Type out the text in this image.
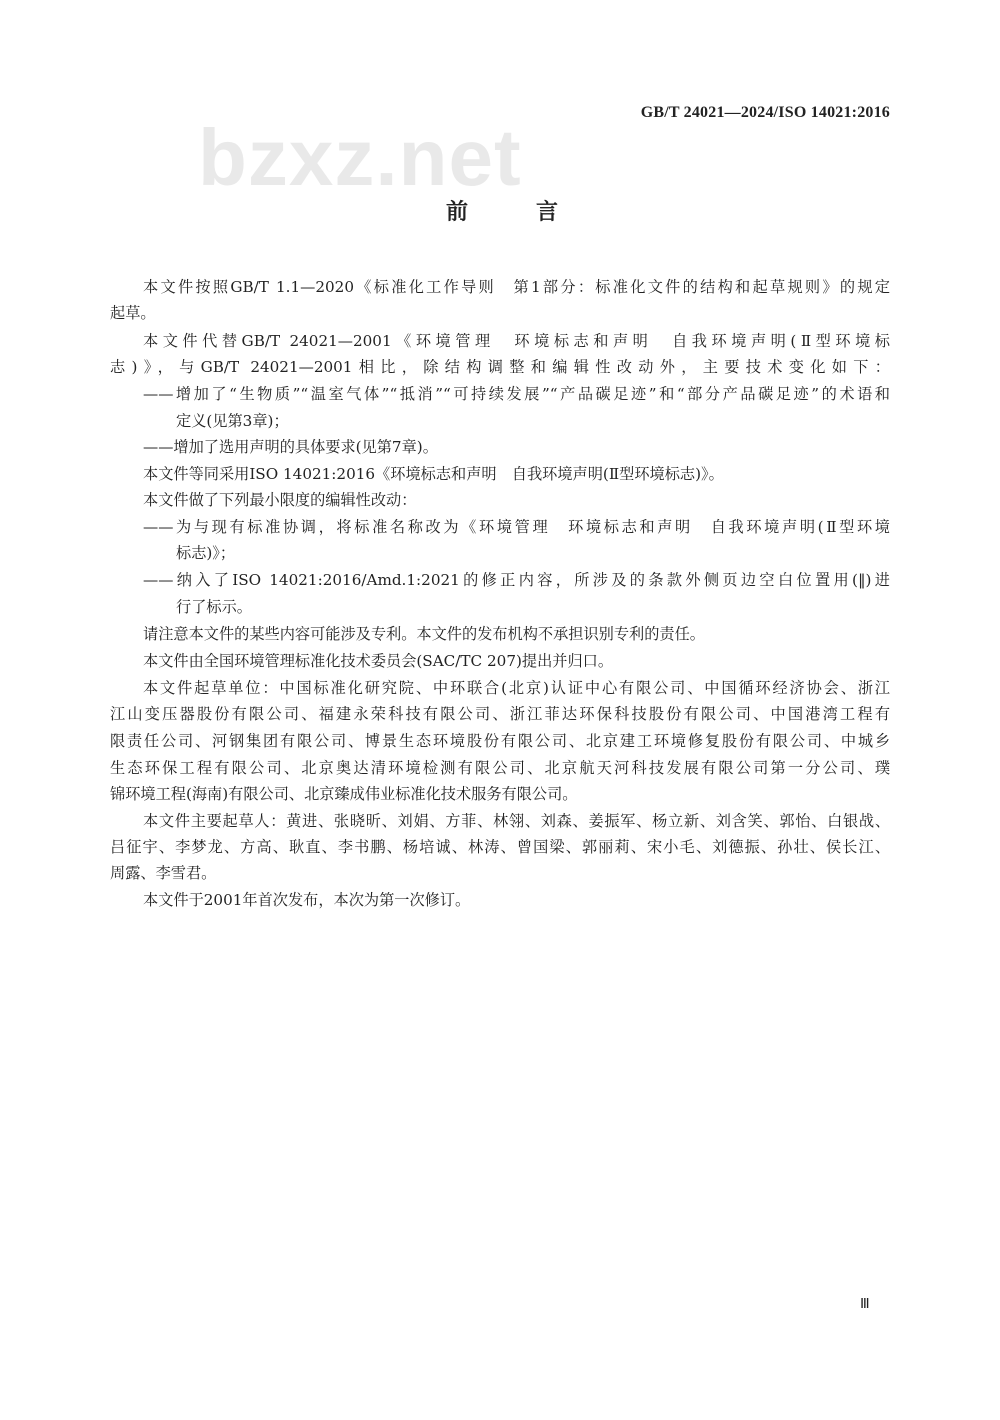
GB/T 24021—2024/ISO 14021:2016
bzxz.net
前言
本文件按照GB/T 1.1—2020《标准化工作导则　第1部分：标准化文件的结构和起草规则》的规定
起草。
本文件代替GB/T 24021—2001《环境管理　环境标志和声明　自我环境声明(Ⅱ型环境标
志)》，与GB/T 24021—2001相比，除结构调整和编辑性改动外，主要技术变化如下：
——增加了“生物质”“温室气体”“抵消”“可持续发展”“产品碳足迹”和“部分产品碳足迹”的术语和
定义(见第3章)；
——增加了选用声明的具体要求(见第7章)。
本文件等同采用ISO 14021:2016《环境标志和声明　自我环境声明(Ⅱ型环境标志)》。
本文件做了下列最小限度的编辑性改动：
——为与现有标准协调，将标准名称改为《环境管理　环境标志和声明　自我环境声明(Ⅱ型环境
标志)》；
——纳入了ISO 14021:2016/Amd.1:2021的修正内容，所涉及的条款外侧页边空白位置用(‖)进
行了标示。
请注意本文件的某些内容可能涉及专利。本文件的发布机构不承担识别专利的责任。
本文件由全国环境管理标准化技术委员会(SAC/TC 207)提出并归口。
本文件起草单位：中国标准化研究院、中环联合(北京)认证中心有限公司、中国循环经济协会、浙江
江山变压器股份有限公司、福建永荣科技有限公司、浙江菲达环保科技股份有限公司、中国港湾工程有
限责任公司、河钢集团有限公司、博景生态环境股份有限公司、北京建工环境修复股份有限公司、中城乡
生态环保工程有限公司、北京奥达清环境检测有限公司、北京航天河科技发展有限公司第一分公司、璞
锦环境工程(海南)有限公司、北京臻成伟业标准化技术服务有限公司。
本文件主要起草人：黄进、张晓昕、刘娟、方菲、林翎、刘森、姜振军、杨立新、刘含笑、郭怡、白银战、
吕征宇、李梦龙、方高、耿直、李书鹏、杨培诚、林涛、曾国梁、郭丽莉、宋小毛、刘德振、孙壮、侯长江、
周露、李雪君。
本文件于2001年首次发布，本次为第一次修订。
Ⅲ
